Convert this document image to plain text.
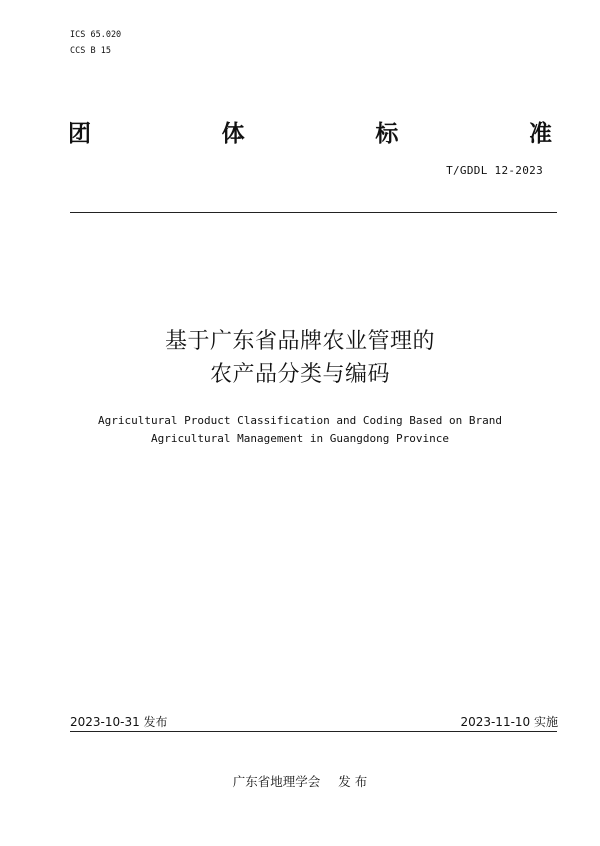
ICS 65.020
CCS B 15
团	体	标	准
T/GDDL 12-2023
基于广东省品牌农业管理的
农产品分类与编码
Agricultural Product Classification and Coding Based on Brand
Agricultural Management in Guangdong Province
2023-10-31 发布	2023-11-10 实施
广东省地理学会 发 布
